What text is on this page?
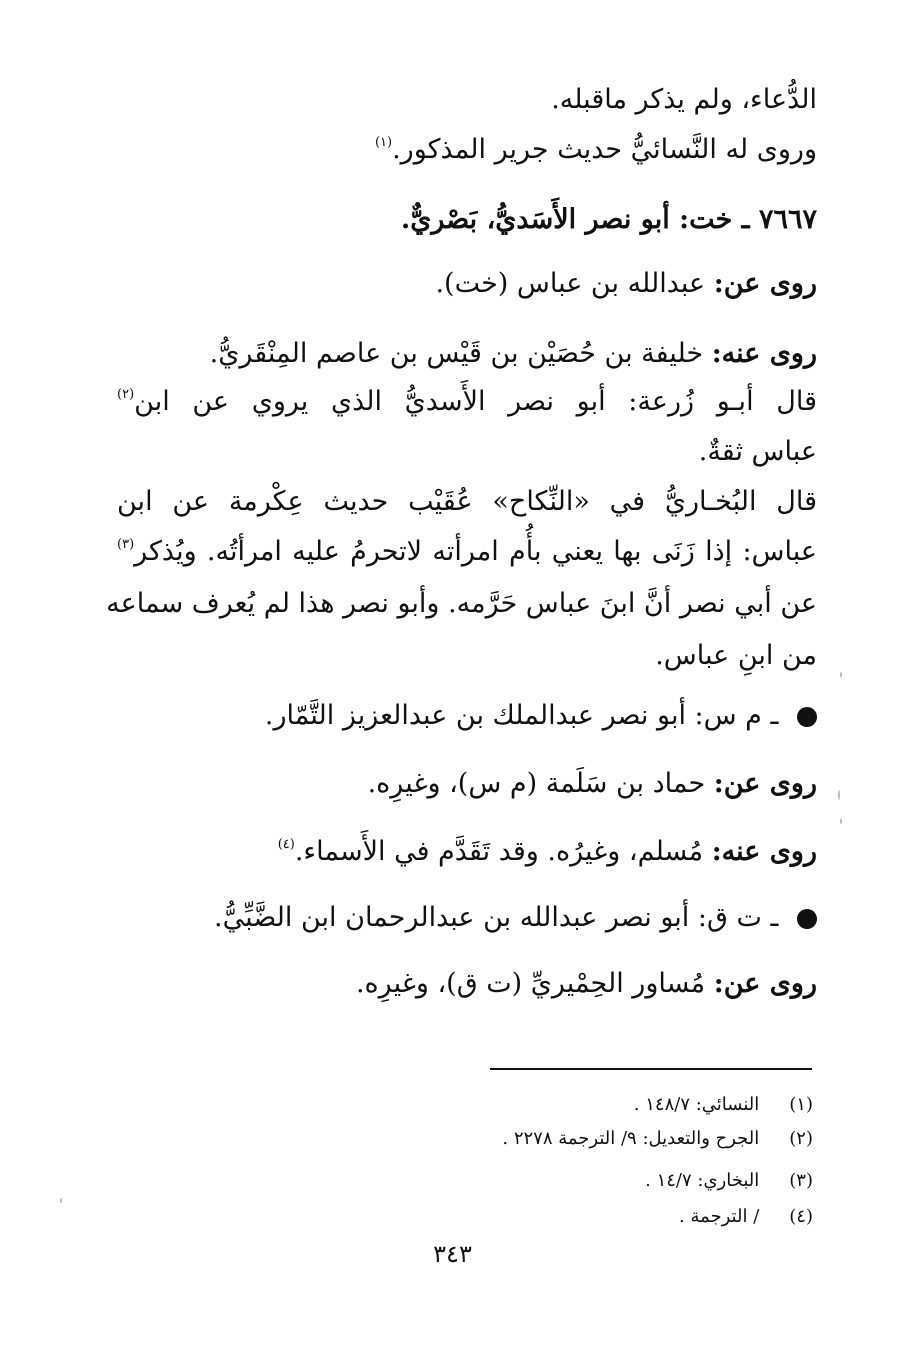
الدُّعاء، ولم يذكر ماقبله.
وروى له النَّسائيُّ حديث جرير المذكور.$^{(١)}$
٧٦٦٧ ـ خت: أبو نصر الأَسَديُّ، بَصْريٌّ.
روى عن: عبدالله بن عباس (خت).
روى عنه: خليفة بن حُصَيْن بن قَيْس بن عاصم المِنْقَريُّ.
قال أبـو زُرعة: أبو نصر الأَسديُّ الذي يروي عن ابن$^{(٢)}$
عباس ثقةٌ.
قال البُخـاريُّ في «النِّكاح» عُقَيْب حديث عِكْرمة عن ابن
عباس: إذا زَنَى بها يعني بأُم امرأته لاتحرمُ عليه امرأتُه. ويُذكر$^{(٣)}$
عن أبي نصر أنَّ ابنَ عباس حَرَّمه. وأبو نصر هذا لم يُعرف سماعه
من ابنِ عباس.
ـ م س: أبو نصر عبدالملك بن عبدالعزيز التَّمّار.
روى عن: حماد بن سَلَمة (م س)، وغيرِه.
روى عنه: مُسلم، وغيرُه. وقد تَقَدَّم في الأَسماء.$^{(٤)}$
ـ ت ق: أبو نصر عبدالله بن عبدالرحمان ابن الضَّبِّيُّ.
روى عن: مُساور الحِمْيريِّ (ت ق)، وغيرِه.
(١) النسائي: ١٤٨/٧ .
(٢) الجرح والتعديل: ٩/ الترجمة ٢٢٧٨ .
(٣) البخاري: ١٤/٧ .
(٤) / الترجمة .
٣٤٣
